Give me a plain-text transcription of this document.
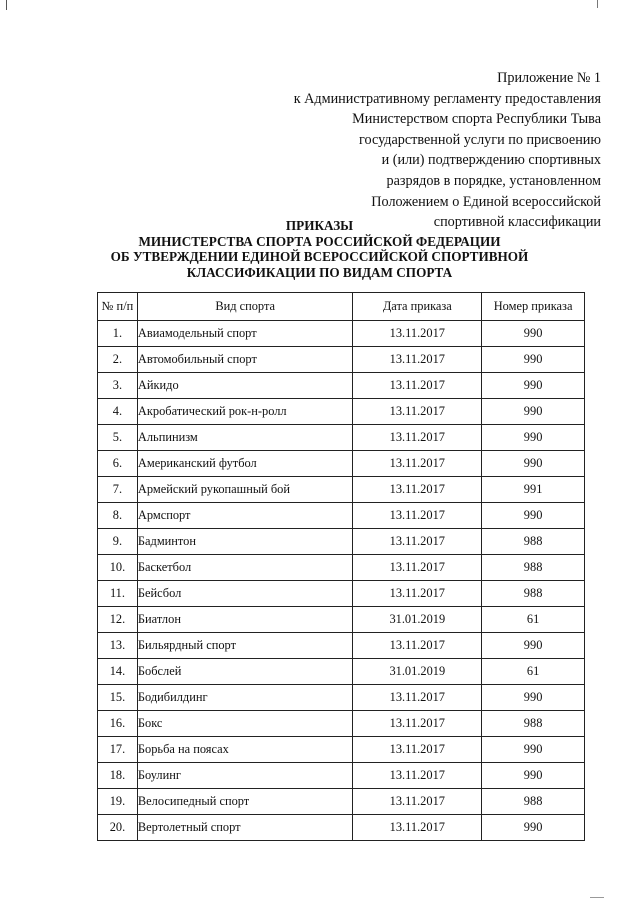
Приложение № 1
к Административному регламенту предоставления
Министерством спорта Республики Тыва
государственной услуги по присвоению
и (или) подтверждению спортивных
разрядов в порядке, установленном
Положением о Единой всероссийской
спортивной классификации
ПРИКАЗЫ
МИНИСТЕРСТВА СПОРТА РОССИЙСКОЙ ФЕДЕРАЦИИ
ОБ УТВЕРЖДЕНИИ ЕДИНОЙ ВСЕРОССИЙСКОЙ СПОРТИВНОЙ
КЛАССИФИКАЦИИ ПО ВИДАМ СПОРТА
№ п/п	Вид спорта	Дата приказа	Номер приказа
1.	Авиамодельный спорт	13.11.2017	990
2.	Автомобильный спорт	13.11.2017	990
3.	Айкидо	13.11.2017	990
4.	Акробатический рок-н-ролл	13.11.2017	990
5.	Альпинизм	13.11.2017	990
6.	Американский футбол	13.11.2017	990
7.	Армейский рукопашный бой	13.11.2017	991
8.	Армспорт	13.11.2017	990
9.	Бадминтон	13.11.2017	988
10.	Баскетбол	13.11.2017	988
11.	Бейсбол	13.11.2017	988
12.	Биатлон	31.01.2019	61
13.	Бильярдный спорт	13.11.2017	990
14.	Бобслей	31.01.2019	61
15.	Бодибилдинг	13.11.2017	990
16.	Бокс	13.11.2017	988
17.	Борьба на поясах	13.11.2017	990
18.	Боулинг	13.11.2017	990
19.	Велосипедный спорт	13.11.2017	988
20.	Вертолетный спорт	13.11.2017	990
